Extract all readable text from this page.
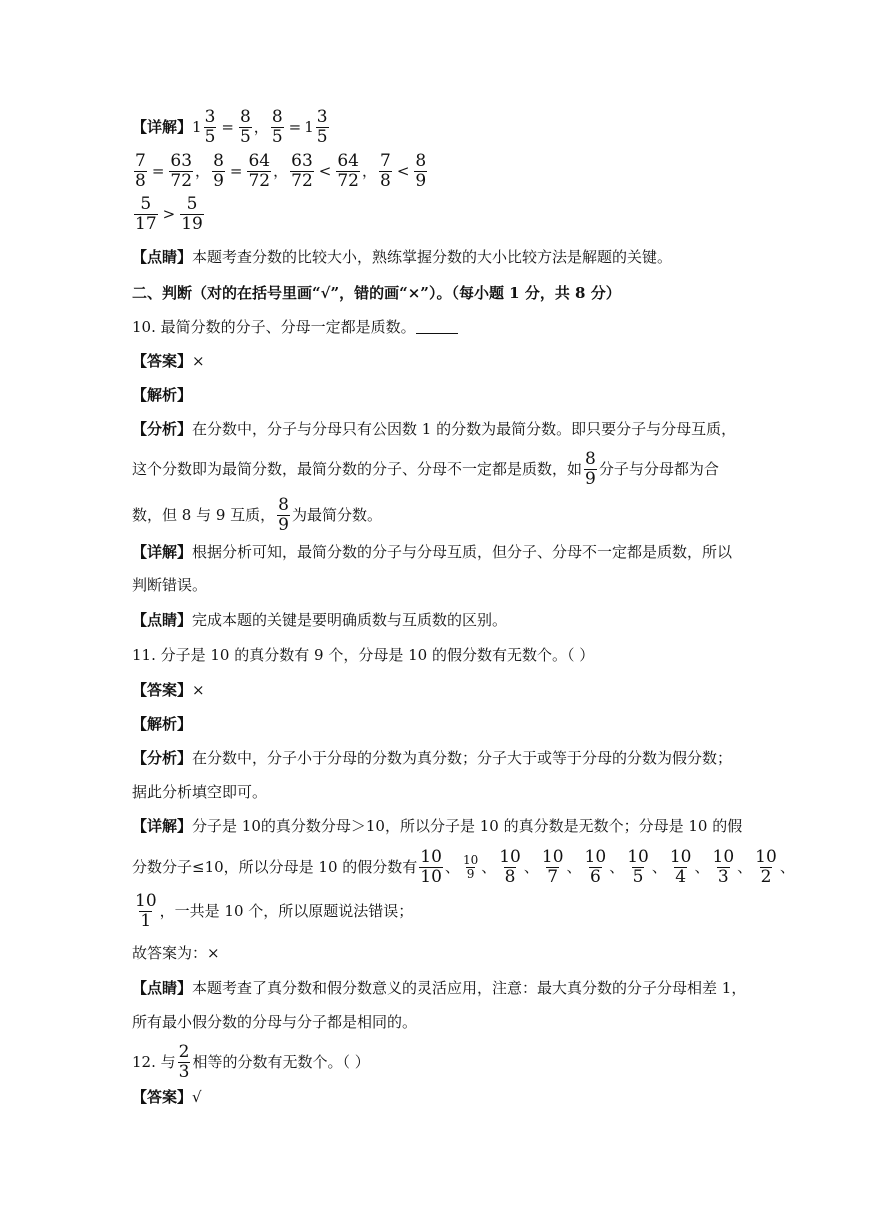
【详解】 $1 \frac{3}{5} = \frac{8}{5}$ ， $\frac{8}{5} = 1 \frac{3}{5}$
$\frac{7}{8} = \frac{63}{72}$ ， $\frac{8}{9} = \frac{64}{72}$ ， $\frac{63}{72} < \frac{64}{72}$ ， $\frac{7}{8} < \frac{8}{9}$
$\frac{5}{17} > \frac{5}{19}$
【点睛】 本题考查分数的比较大小，熟练掌握分数的大小比较方法是解题的关键。
二、判断（对的在括号里画“√”，错的画“×”）。（每小题 1 分，共 8 分）
10. 最简分数的分子、分母一定都是质数。
【答案】 ×
【解析】
【分析】 在分数中，分子与分母只有公因数 1 的分数为最简分数。即只要分子与分母互质，
这个分数即为最简分数，最简分数的分子、分母不一定都是质数，如 $\frac{8}{9}$ 分子与分母都为合
数，但 8 与 9 互质， $\frac{8}{9}$ 为最简分数。
【详解】 根据分析可知，最简分数的分子与分母互质，但分子、分母不一定都是质数，所以
判断错误。
【点睛】 完成本题的关键是要明确质数与互质数的区别。
11. 分子是 10 的真分数有 9 个，分母是 10 的假分数有无数个。（ ）
【答案】 ×
【解析】
【分析】 在分数中，分子小于分母的分数为真分数；分子大于或等于分母的分数为假分数；
据此分析填空即可。
【详解】 分子是 10的真分数分母＞10，所以分子是 10 的真分数是无数个；分母是 10 的假
分数分子≤10，所以分母是 10 的假分数有 $\frac{10}{10}$ 、 $\frac{10}{9}$ 、 $\frac{10}{8}$ 、 $\frac{10}{7}$ 、 $\frac{10}{6}$ 、 $\frac{10}{5}$ 、 $\frac{10}{4}$ 、 $\frac{10}{3}$ 、 $\frac{10}{2}$ 、
$\frac{10}{1}$ ，一共是 10 个，所以原题说法错误；
故答案为：×
【点睛】 本题考查了真分数和假分数意义的灵活应用，注意：最大真分数的分子分母相差 1，
所有最小假分数的分母与分子都是相同的。
12. 与 $\frac{2}{3}$ 相等的分数有无数个。（ ）
【答案】 √
